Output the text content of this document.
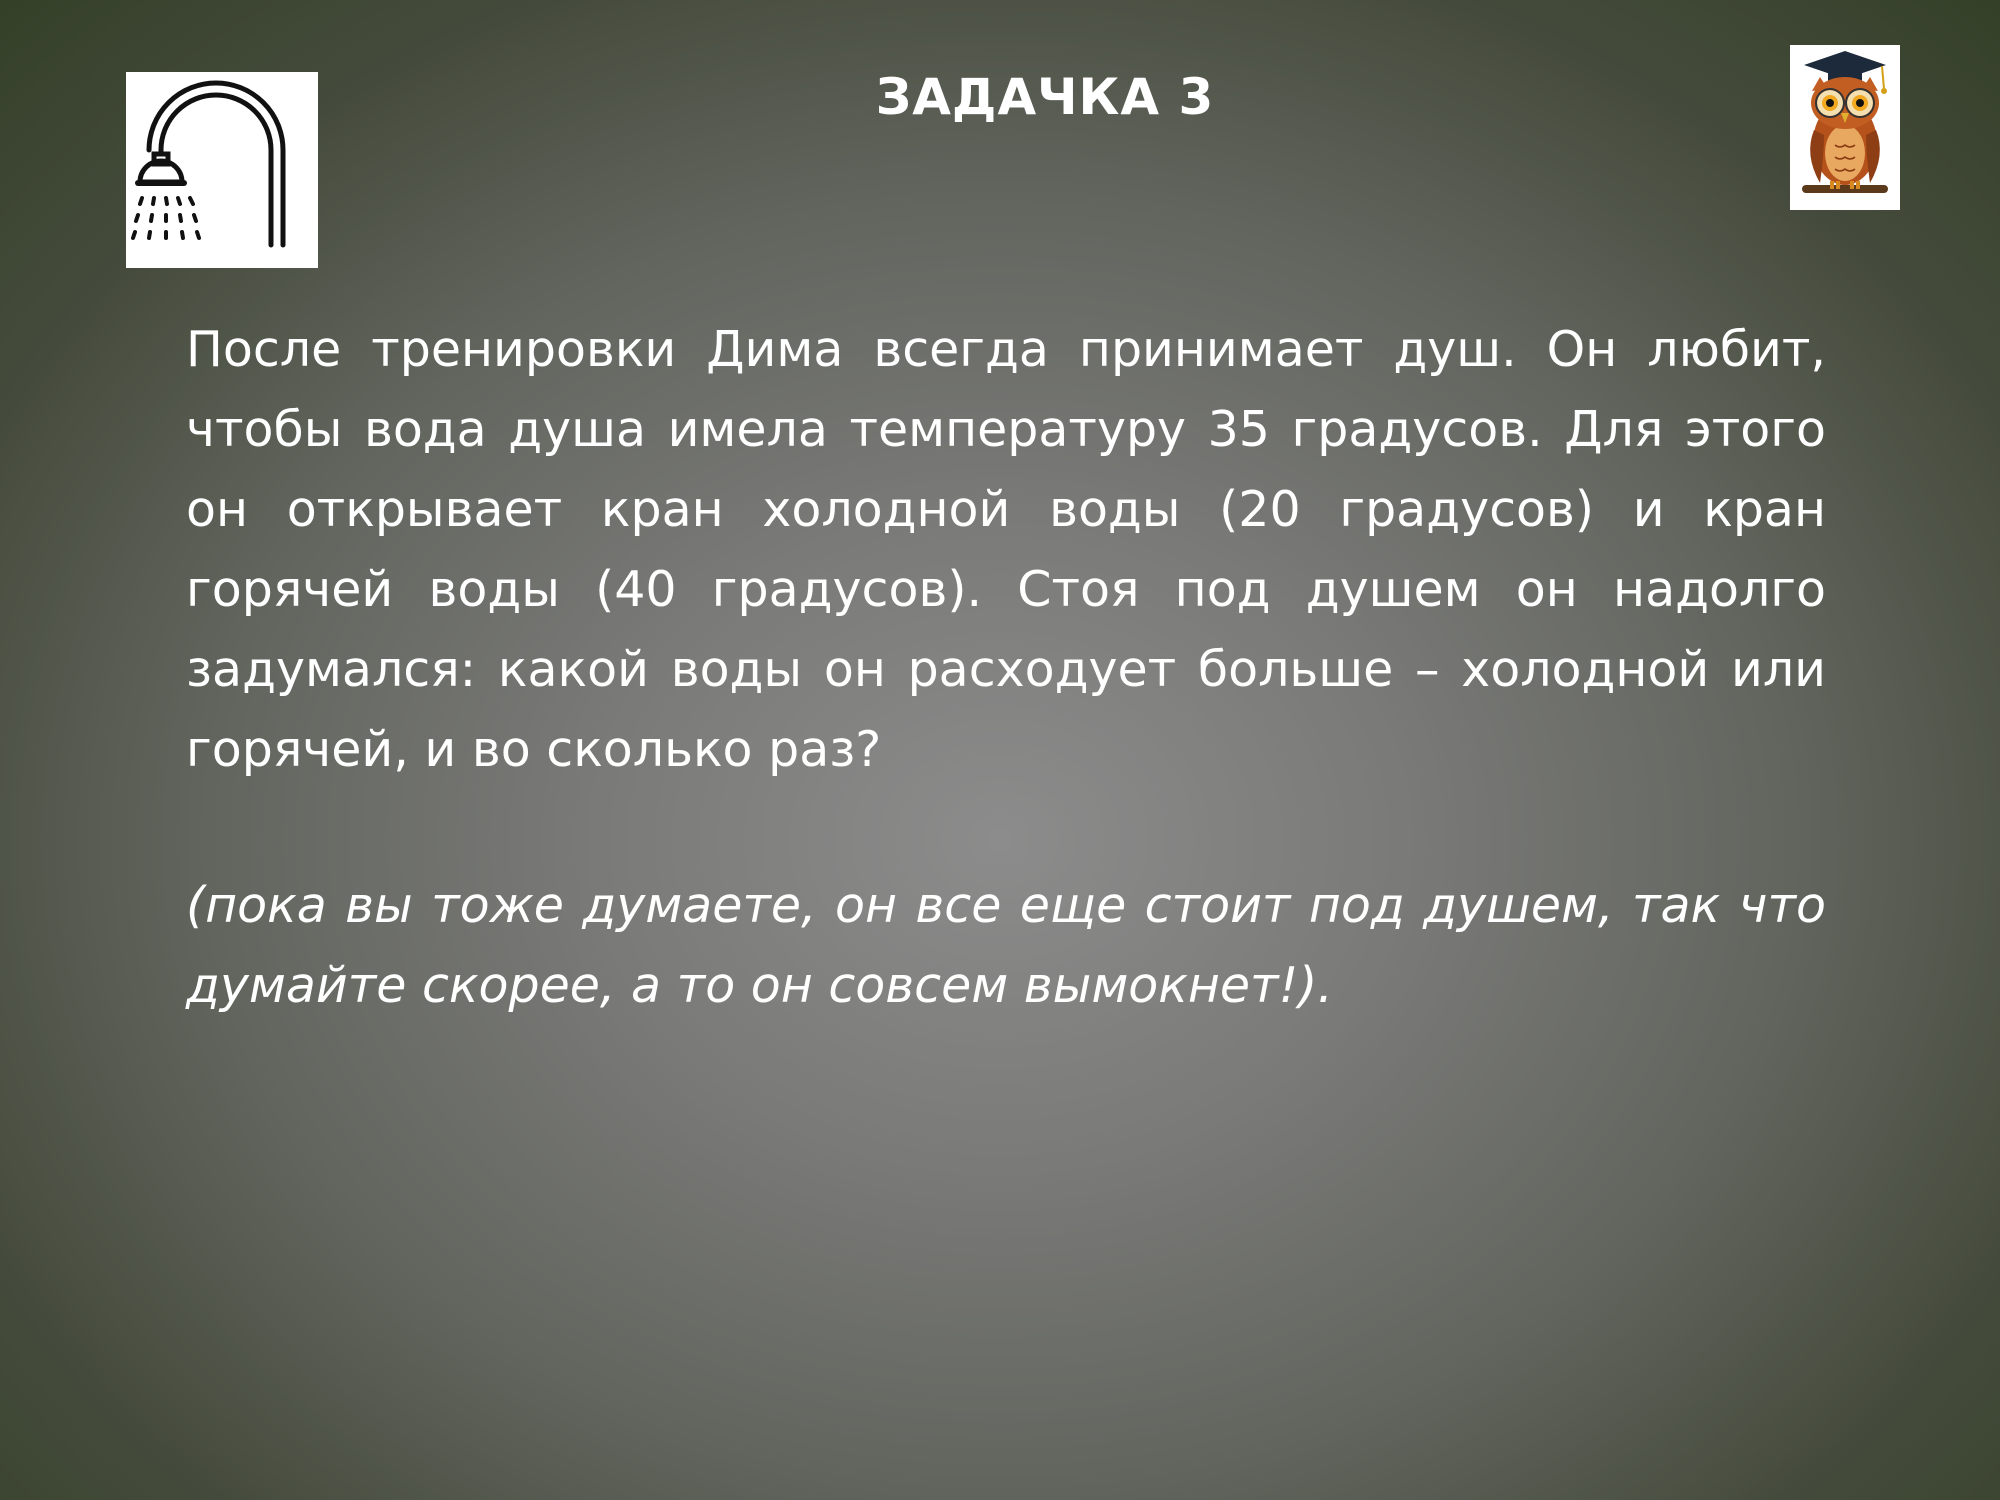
ЗАДАЧКА 3

После тренировки Дима всегда принимает душ. Он любит, чтобы вода душа имела температуру 35 градусов. Для этого он открывает кран холодной воды (20 градусов) и кран горячей воды (40 градусов). Стоя под душем он надолго задумался: какой воды он расходует больше – холодной или горячей, и во сколько раз?

(пока вы тоже думаете, он все еще стоит под душем, так что думайте скорее, а то он совсем вымокнет!).
